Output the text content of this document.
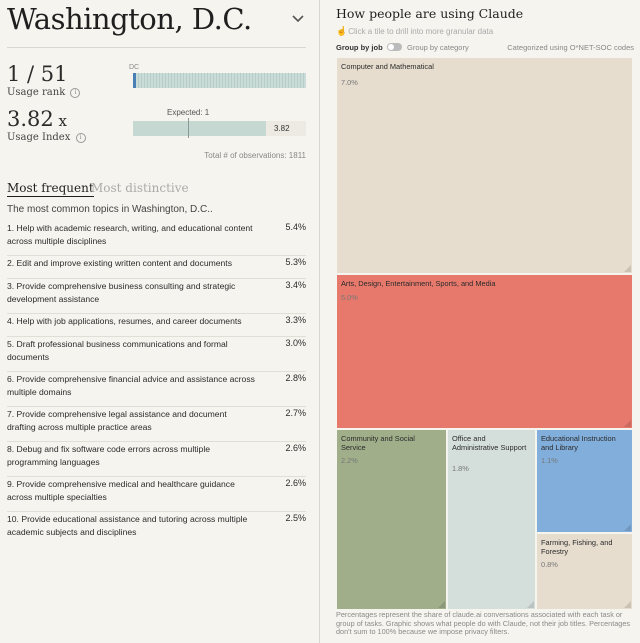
Washington, D.C.
1 / 51
Usage rank i
DC
3.82 x
Usage Index i
Expected: 1
3.82
Total # of observations: 1811
Most frequent
Most distinctive
The most common topics in Washington, D.C..
1. Help with academic research, writing, and educational content across multiple disciplines
5.4%
2. Edit and improve existing written content and documents	5.3%
3. Provide comprehensive business consulting and strategic development assistance
3.4%
4. Help with job applications, resumes, and career documents	3.3%
5. Draft professional business communications and formal documents
3.0%
6. Provide comprehensive financial advice and assistance across multiple domains
2.8%
7. Provide comprehensive legal assistance and document drafting across multiple practice areas
2.7%
8. Debug and fix software code errors across multiple programming languages
2.6%
9. Provide comprehensive medical and healthcare guidance across multiple specialties
2.6%
10. Provide educational assistance and tutoring across multiple academic subjects and disciplines
2.5%
How people are using Claude
☝ Click a tile to drill into more granular data
Group by job	Group by category	Categorized using O*NET-SOC codes
Computer and Mathematical
7.0%
Arts, Design, Entertainment, Sports, and Media
5.0%
Community and Social Service
2.2%
Office and Administrative Support
1.8%
Educational Instruction and Library
1.1%
Farming, Fishing, and Forestry
0.8%
Percentages represent the share of claude.ai conversations associated with each task or group of tasks. Graphic shows what people do with Claude, not their job titles. Percentages don't sum to 100% because we impose privacy filters.
